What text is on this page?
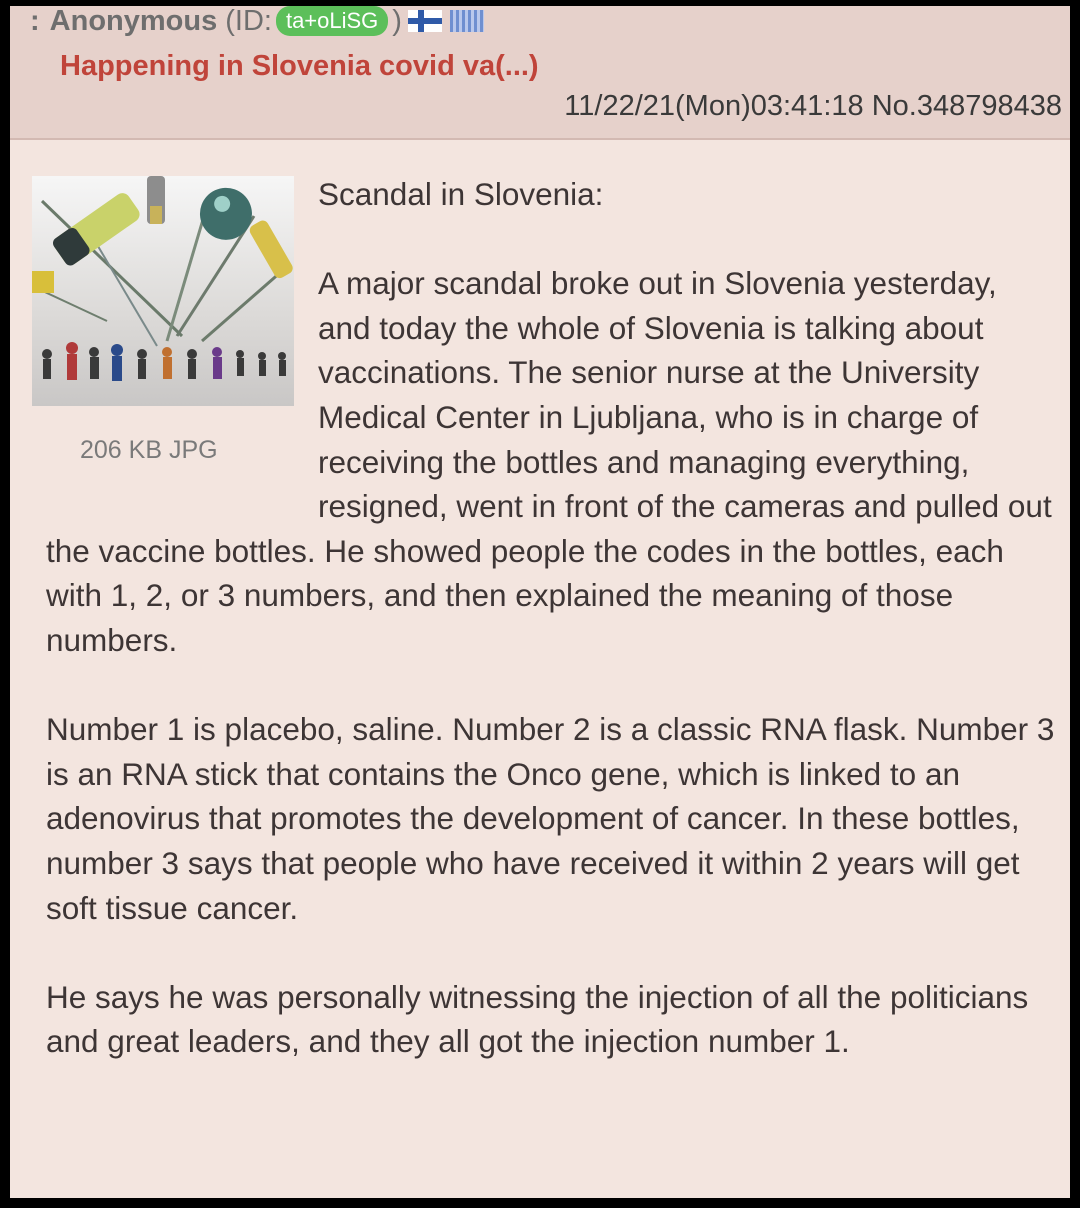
: Anonymous (ID: ta+oLiSG )
Happening in Slovenia covid va(...)
11/22/21(Mon)03:41:18 No.348798438
206 KB JPG

Scandal in Slovenia:

A major scandal broke out in Slovenia yesterday, and today the whole of Slovenia is talking about vaccinations. The senior nurse at the University Medical Center in Ljubljana, who is in charge of receiving the bottles and managing everything, resigned, went in front of the cameras and pulled out the vaccine bottles. He showed people the codes in the bottles, each with 1, 2, or 3 numbers, and then explained the meaning of those numbers.

Number 1 is placebo, saline. Number 2 is a classic RNA flask. Number 3 is an RNA stick that contains the Onco gene, which is linked to an adenovirus that promotes the development of cancer. In these bottles, number 3 says that people who have received it within 2 years will get soft tissue cancer.

He says he was personally witnessing the injection of all the politicians and great leaders, and they all got the injection number 1.
